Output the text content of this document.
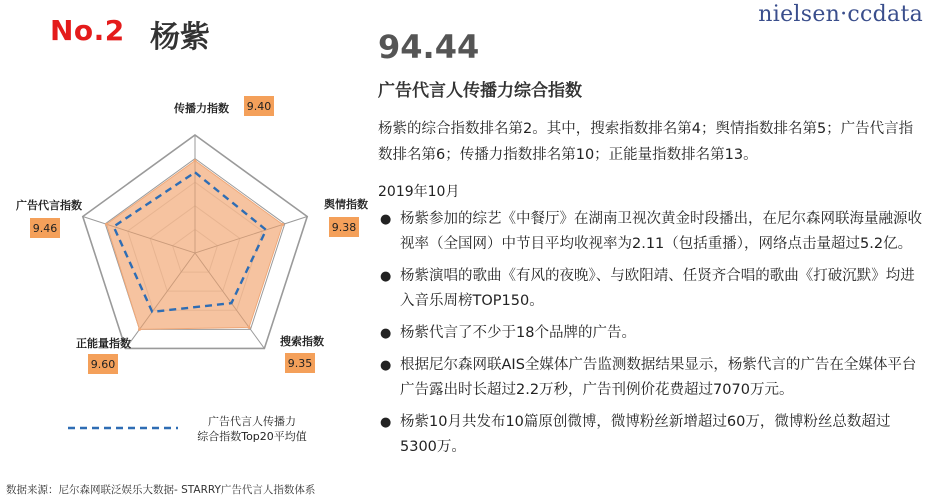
No.2 杨紫
nielsen·ccdata
传播力指数 9.40
舆情指数
9.38
搜索指数
9.35
正能量指数
9.60
广告代言指数
9.46
广告代言人传播力
综合指数Top20平均值
94.44
广告代言人传播力综合指数
杨紫的综合指数排名第2。其中，搜索指数排名第4；舆情指数排名第5；广告代言指数排名第6；传播力指数排名第10；正能量指数排名第13。
2019年10月
● 杨紫参加的综艺《中餐厅》在湖南卫视次黄金时段播出，在尼尔森网联海量融源收视率（全国网）中节目平均收视率为2.11（包括重播），网络点击量超过5.2亿。
● 杨紫演唱的歌曲《有风的夜晚》、与欧阳靖、任贤齐合唱的歌曲《打破沉默》均进入音乐周榜TOP150。
● 杨紫代言了不少于18个品牌的广告。
● 根据尼尔森网联AIS全媒体广告监测数据结果显示，杨紫代言的广告在全媒体平台广告露出时长超过2.2万秒，广告刊例价花费超过7070万元。
● 杨紫10月共发布10篇原创微博，微博粉丝新增超过60万，微博粉丝总数超过5300万。
数据来源：尼尔森网联泛娱乐大数据- STARRY广告代言人指数体系
